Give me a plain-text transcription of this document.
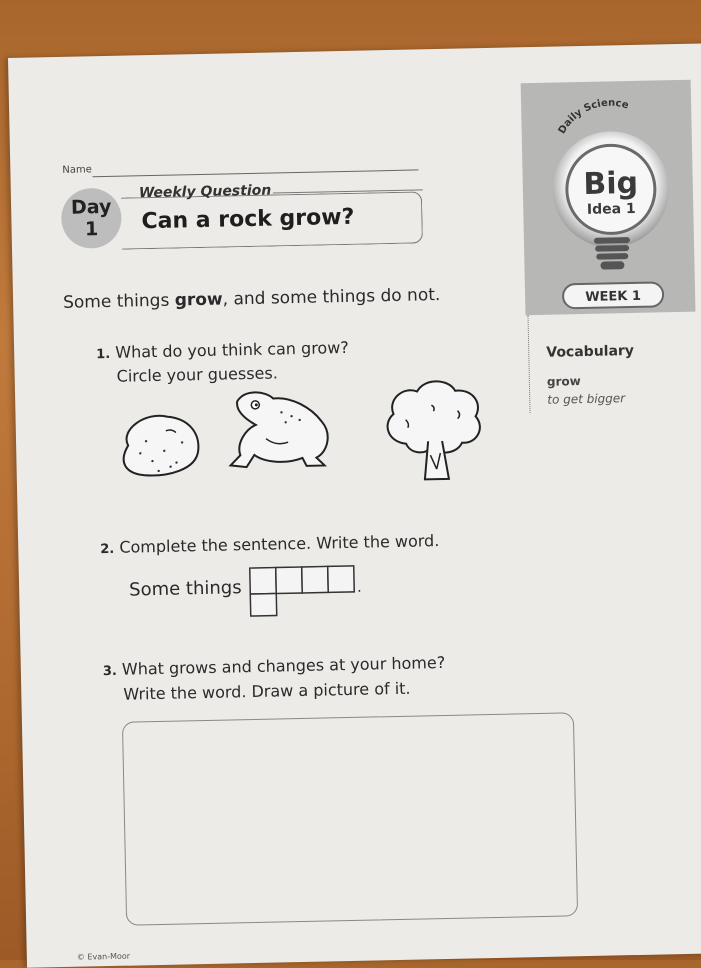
Name
Day
1
Weekly Question
Can a rock grow?
Daily Science
Big
Idea 1
WEEK 1
Vocabulary
grow
to get bigger
Some things grow, and some things do not.
1. What do you think can grow?
Circle your guesses.
2. Complete the sentence. Write the word.
Some things	.
3. What grows and changes at your home?
Write the word. Draw a picture of it.
© Evan-Moor
